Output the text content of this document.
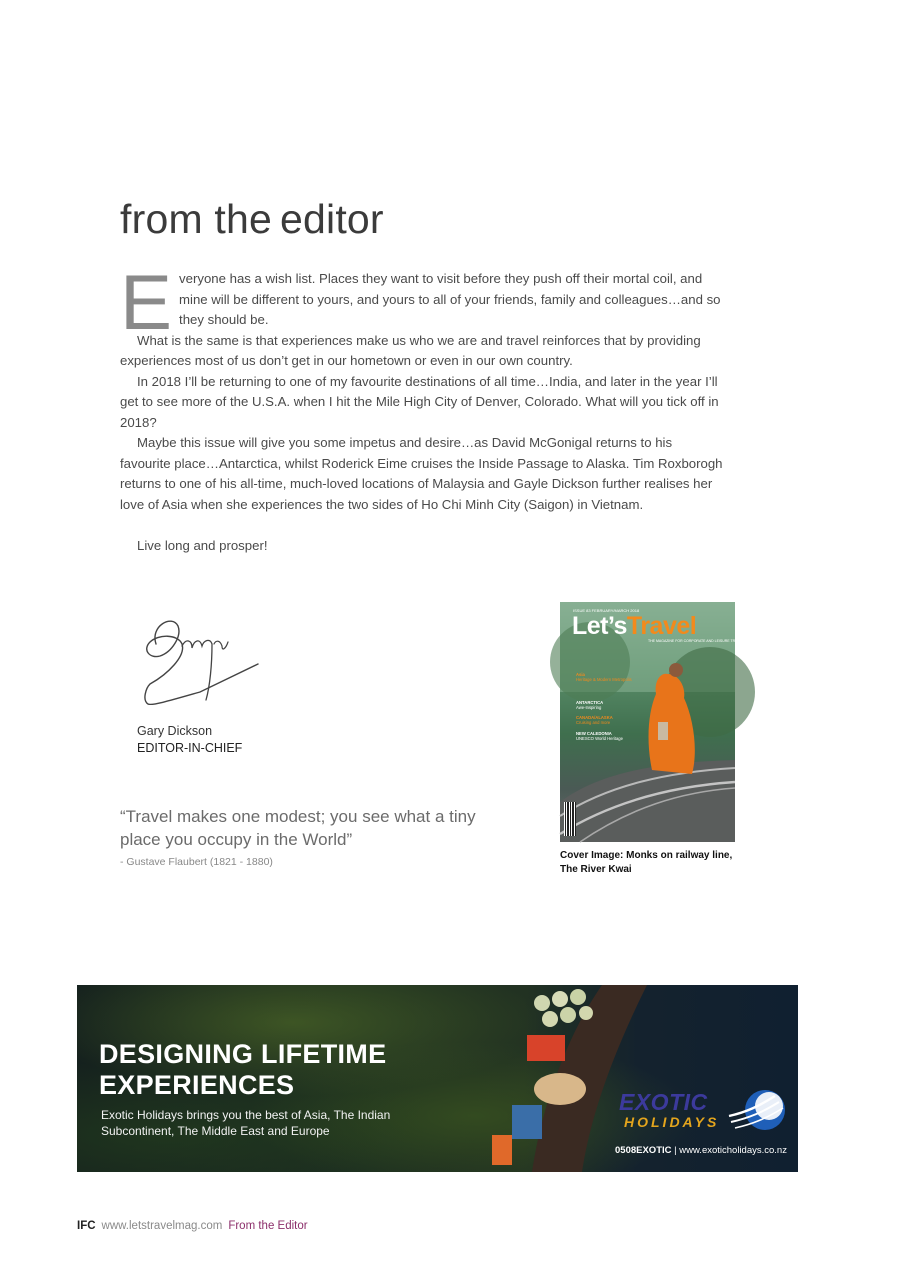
from the editor

Everyone has a wish list. Places they want to visit before they push off their mortal coil, and mine will be different to yours, and yours to all of your friends, family and colleagues…and so they should be.

What is the same is that experiences make us who we are and travel reinforces that by providing experiences most of us don’t get in our hometown or even in our own country.

In 2018 I’ll be returning to one of my favourite destinations of all time…India, and later in the year I’ll get to see more of the U.S.A. when I hit the Mile High City of Denver, Colorado. What will you tick off in 2018?

Maybe this issue will give you some impetus and desire…as David McGonigal returns to his favourite place…Antarctica, whilst Roderick Eime cruises the Inside Passage to Alaska. Tim Roxborogh returns to one of his all-time, much-loved locations of Malaysia and Gayle Dickson further realises her love of Asia when she experiences the two sides of Ho Chi Minh City (Saigon) in Vietnam.

Live long and prosper!

Gary Dickson
EDITOR-IN-CHIEF

“Travel makes one modest; you see what a tiny place you occupy in the World”

- Gustave Flaubert (1821 - 1880)
ISSUE 83 FEBRUARY/MARCH 2018
Let’sTravel
THE MAGAZINE FOR CORPORATE AND LEISURE TRAVELLERS
Asia
Heritage & Modern Metropolis
ANTARCTICA
Awe-Inspiring
CANADA/ALASKA
Cruising and more
NEW CALEDONIA
UNESCO World Heritage
Cover Image: Monks on railway line, The River Kwai
DESIGNING LIFETIME
EXPERIENCES
Exotic Holidays brings you the best of Asia, The Indian Subcontinent, The Middle East and Europe
EXOTIC
HOLIDAYS
0508EXOTIC | www.exoticholidays.co.nz
IFC www.letstravelmag.com From the Editor
